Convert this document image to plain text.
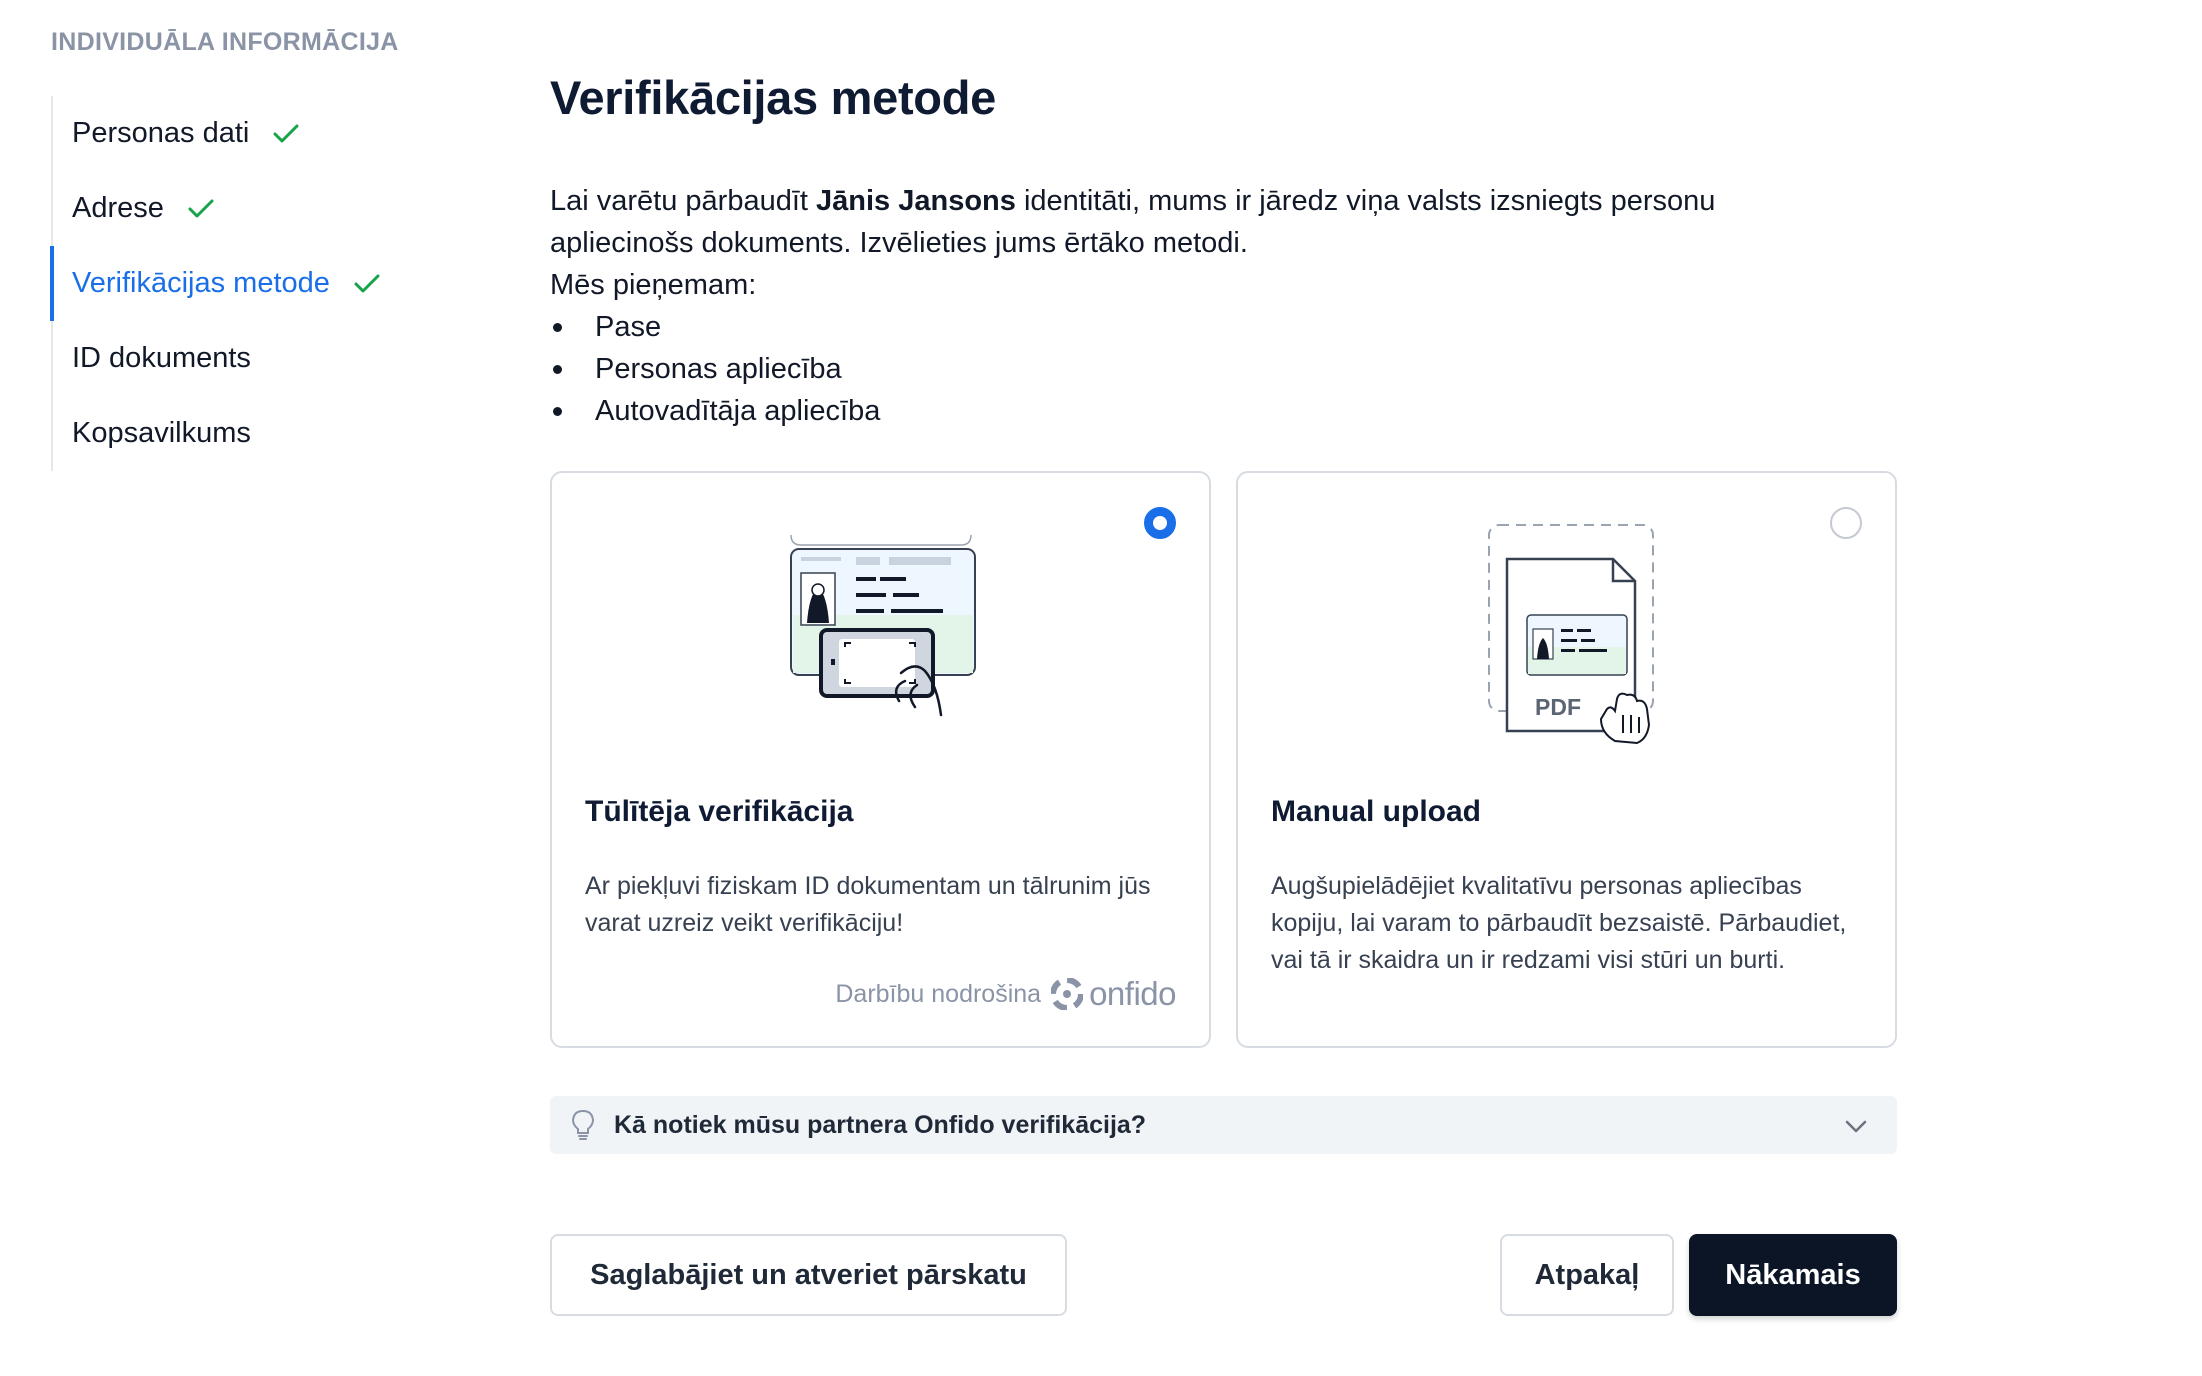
INDIVIDUĀLA INFORMĀCIJA
Personas dati
Adrese
Verifikācijas metode
ID dokuments
Kopsavilkums
Verifikācijas metode

Lai varētu pārbaudīt Jānis Jansons identitāti, mums ir jāredz viņa valsts izsniegts personu apliecinošs dokuments. Izvēlieties jums ērtāko metodi.

Mēs pieņemam:

Pase
Personas apliecība
Autovadītāja apliecība
Tūlītēja verifikācija
Ar piekļuvi fiziskam ID dokumentam un tālrunim jūs varat uzreiz veikt verifikāciju!
Darbību nodrošina onfido
PDF
Manual upload
Augšupielādējiet kvalitatīvu personas apliecības kopiju, lai varam to pārbaudīt bezsaistē. Pārbaudiet, vai tā ir skaidra un ir redzami visi stūri un burti.
Kā notiek mūsu partnera Onfido verifikācija?
Saglabājiet un atveriet pārskatu	Atpakaļ	Nākamais
